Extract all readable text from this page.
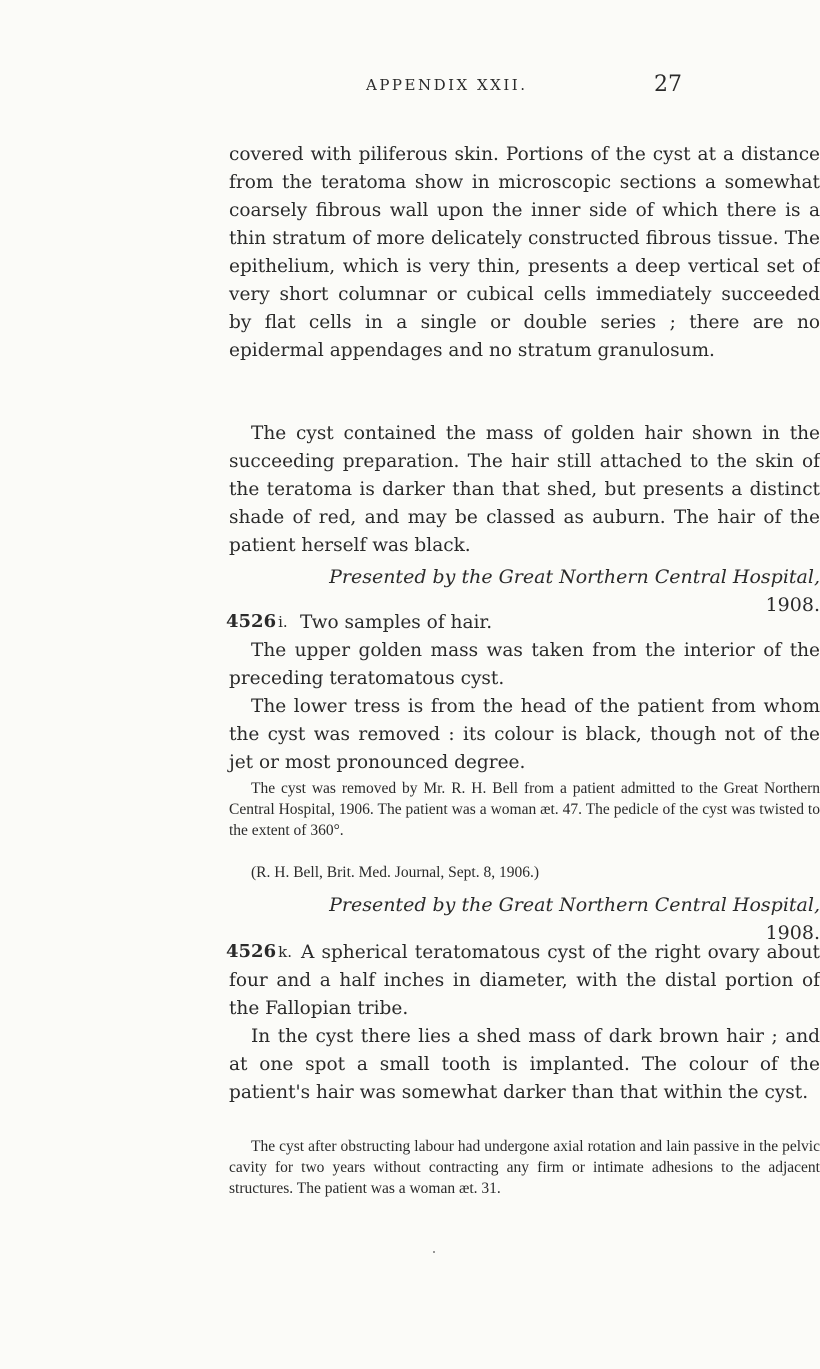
APPENDIX XXII.	27

covered with piliferous skin. Portions of the cyst at a distance from the teratoma show in microscopic sections a somewhat coarsely fibrous wall upon the inner side of which there is a thin stratum of more delicately constructed fibrous tissue. The epithelium, which is very thin, presents a deep vertical set of very short columnar or cubical cells immediately succeeded by flat cells in a single or double series ; there are no epidermal appendages and no stratum granulosum.

The cyst contained the mass of golden hair shown in the succeeding preparation. The hair still attached to the skin of the teratoma is darker than that shed, but presents a distinct shade of red, and may be classed as auburn. The hair of the patient herself was black.

Presented by the Great Northern Central Hospital, 1908.

4526 i. Two samples of hair.

The upper golden mass was taken from the interior of the preceding teratomatous cyst.

The lower tress is from the head of the patient from whom the cyst was removed : its colour is black, though not of the jet or most pronounced degree.

The cyst was removed by Mr. R. H. Bell from a patient admitted to the Great Northern Central Hospital, 1906. The patient was a woman æt. 47. The pedicle of the cyst was twisted to the extent of 360°.

(R. H. Bell, Brit. Med. Journal, Sept. 8, 1906.)

Presented by the Great Northern Central Hospital, 1908.

4526 k. A spherical teratomatous cyst of the right ovary about four and a half inches in diameter, with the distal portion of the Fallopian tribe.

In the cyst there lies a shed mass of dark brown hair ; and at one spot a small tooth is implanted. The colour of the patient's hair was somewhat darker than that within the cyst.

The cyst after obstructing labour had undergone axial rotation and lain passive in the pelvic cavity for two years without contracting any firm or intimate adhesions to the adjacent structures. The patient was a woman æt. 31.
